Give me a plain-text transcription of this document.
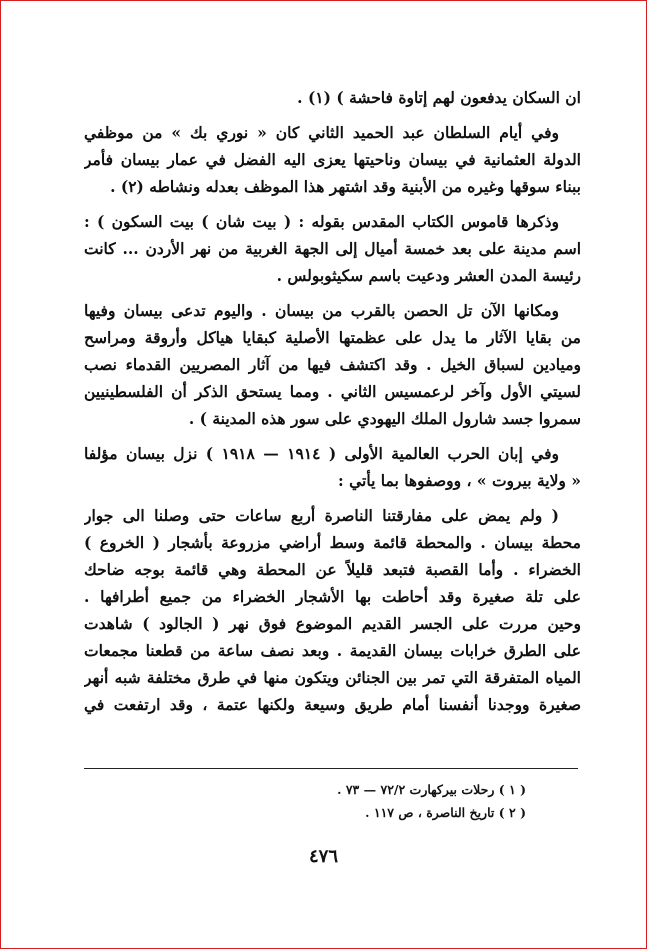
ان السكان يدفعون لهم إتاوة فاحشة ) (١) .
وفي أيام السلطان عبد الحميد الثاني كان « نوري بك » من موظفي
الدولة العثمانية في بيسان وناحيتها يعزى اليه الفضل في عمار بيسان فأمر
ببناء سوقها وغيره من الأبنية وقد اشتهر هذا الموظف بعدله ونشاطه (٢) .
وذكرها قاموس الكتاب المقدس بقوله : ( بيت شان ) بيت السكون ) :
اسم مدينة على بعد خمسة أميال إلى الجهة الغربية من نهر الأردن ... كانت
رئيسة المدن العشر ودعيت باسم سكيثوبولس .
ومكانها الآن تل الحصن بالقرب من بيسان . واليوم تدعى بيسان وفيها
من بقايا الآثار ما يدل على عظمتها الأصلية كبقايا هياكل وأروقة ومراسح
وميادين لسباق الخيل . وقد اكتشف فيها من آثار المصريين القدماء نصب
لسيتي الأول وآخر لرعمسيس الثاني . ومما يستحق الذكر أن الفلسطينيين
سمروا جسد شارول الملك اليهودي على سور هذه المدينة ) .
وفي إبان الحرب العالمية الأولى ( ١٩١٤ — ١٩١٨ ) نزل بيسان مؤلفا
« ولاية بيروت » ، ووصفوها بما يأتي :
( ولم يمض على مفارقتنا الناصرة أربع ساعات حتى وصلنا الى جوار
محطة بيسان . والمحطة قائمة وسط أراضي مزروعة بأشجار ( الخروع )
الخضراء . وأما القصبة فتبعد قليلاً عن المحطة وهي قائمة بوجه ضاحك
على تلة صغيرة وقد أحاطت بها الأشجار الخضراء من جميع أطرافها .
وحين مررت على الجسر القديم الموضوع فوق نهر ( الجالود ) شاهدت
على الطرق خرابات بيسان القديمة . وبعد نصف ساعة من قطعنا مجمعات
المياه المتفرقة التي تمر بين الجنائن ويتكون منها في طرق مختلفة شبه أنهر
صغيرة ووجدنا أنفسنا أمام طريق وسيعة ولكنها عتمة ، وقد ارتفعت في
( ١ ) رحلات بيركهارت ٧٢/٢ — ٧٣ .
( ٢ ) تاريخ الناصرة ، ص ١١٧ .
٤٧٦
